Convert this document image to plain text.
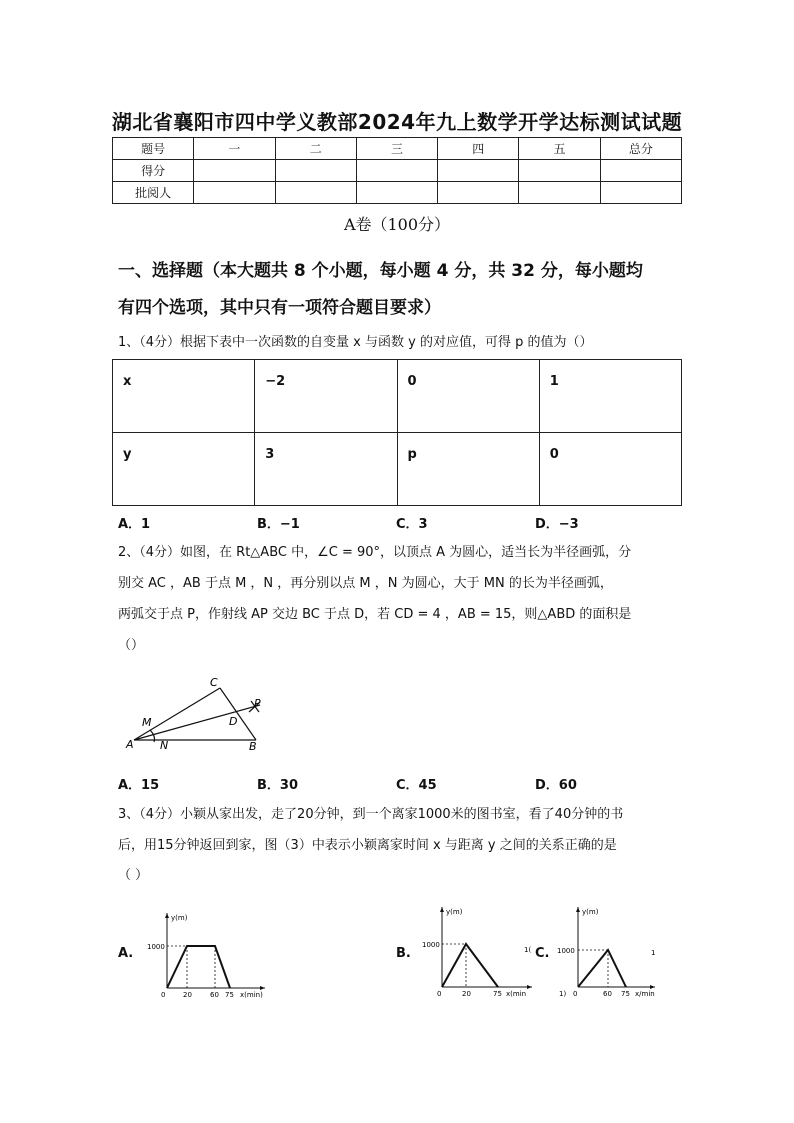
湖北省襄阳市四中学义教部2024年九上数学开学达标测试试题
题号	一	二	三	四	五	总分
得分						
批阅人						
A卷（100分）
一、选择题（本大题共 8 个小题，每小题 4 分，共 32 分，每小题均
有四个选项，其中只有一项符合题目要求）
1、（4分）根据下表中一次函数的自变量 x 与函数 y 的对应值，可得 p 的值为（）
x	−2	0	1
y	3	p	0
A．1	B．−1	C．3	D．−3
2、（4分）如图，在 Rt△ABC 中，∠C = 90°，以顶点 A 为圆心，适当长为半径画弧，分
别交 AC ，AB 于点 M ，N ，再分别以点 M ，N 为圆心，大于 MN 的长为半径画弧，
两弧交于点 P，作射线 AP 交边 BC 于点 D，若 CD = 4 ，AB = 15，则△ABD 的面积是
（）
A	B
C
D
M
N
P
A．15	B．30	C．45	D．60
3、（4分）小颖从家出发，走了20分钟，到一个离家1000米的图书室，看了40分钟的书
后，用15分钟返回到家，图（3）中表示小颖离家时间 x 与距离 y 之间的关系正确的是
（ ）
A.
y(m)
1000
0	20	60 75 x(min)
B.
y(m)
1000
0	20	75 x(min
1( C.
y(m)
1000
1) 0	60 75 x/min
1
